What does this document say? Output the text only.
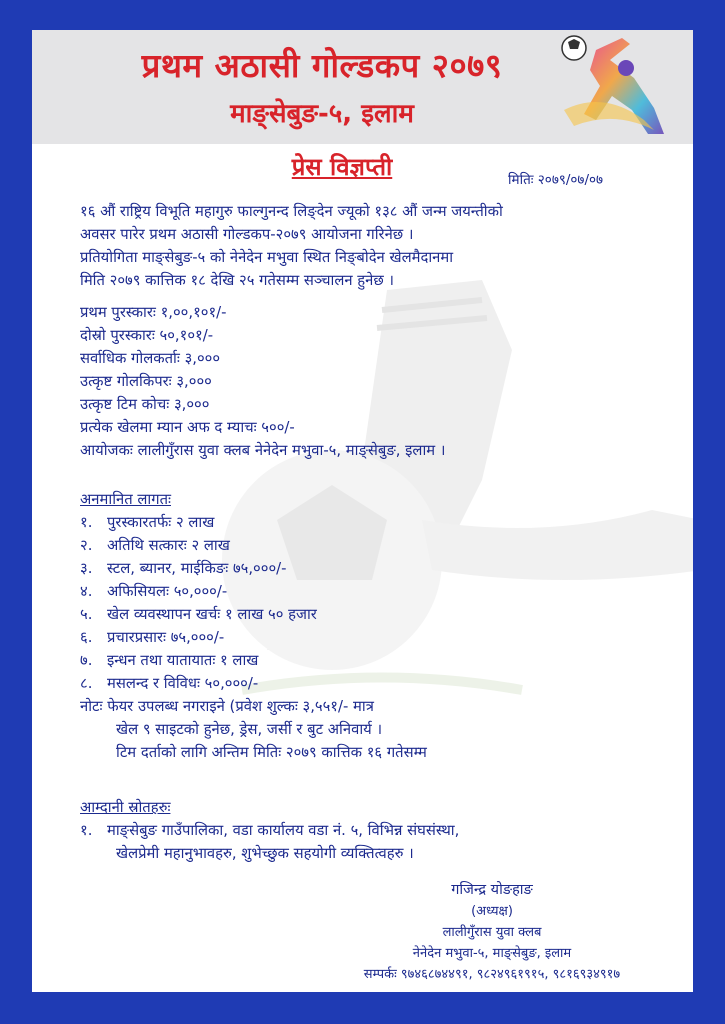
प्रथम अठासी गोल्डकप २०७९
माङ्सेबुङ-५, इलाम
प्रेस विज्ञप्ती	मितिः २०७९/०७/०७
१६ औं राष्ट्रिय विभूति महागुरु फाल्गुनन्द लिङ्देन ज्यूको १३८ औं जन्म जयन्तीको
अवसर पारेर प्रथम अठासी गोल्डकप-२०७९ आयोजना गरिनेछ ।
प्रतियोगिता माङ्सेबुङ-५ को नेनेदेन मभुवा स्थित निङ्बोदेन खेलमैदानमा
मिति २०७९ कात्तिक १८ देखि २५ गतेसम्म सञ्चालन हुनेछ ।
प्रथम पुरस्कारः १,००,१०१/-
दोस्रो पुरस्कारः ५०,१०१/-
सर्वाधिक गोलकर्ताः ३,०००
उत्कृष्ट गोलकिपरः ३,०००
उत्कृष्ट टिम कोचः ३,०००
प्रत्येक खेलमा म्यान अफ द म्याचः ५००/-
आयोजकः लालीगुँरास युवा क्लब नेनेदेन मभुवा-५, माङ्सेबुङ, इलाम ।
अनमानित लागतः
१. पुरस्कारतर्फः २ लाख
२. अतिथि सत्कारः २ लाख
३. स्टल, ब्यानर, माईकिङः ७५,०००/-
४. अफिसियलः ५०,०००/-
५. खेल व्यवस्थापन खर्चः १ लाख ५० हजार
६. प्रचारप्रसारः ७५,०००/-
७. इन्धन तथा यातायातः १ लाख
८. मसलन्द र विविधः ५०,०००/-
नोटः फेयर उपलब्ध नगराइने (प्रवेश शुल्कः ३,५५१/- मात्र
खेल ९ साइटको हुनेछ, ड्रेस, जर्सी र बुट अनिवार्य ।
टिम दर्ताको लागि अन्तिम मितिः २०७९ कात्तिक १६ गतेसम्म
आम्दानी स्रोतहरुः
१. माङ्सेबुङ गाउँपालिका, वडा कार्यालय वडा नं. ५, विभिन्न संघसंस्था,
खेलप्रेमी महानुभावहरु, शुभेच्छुक सहयोगी व्यक्तित्वहरु ।
गजिन्द्र योङहाङ
(अध्यक्ष)
लालीगुँरास युवा क्लब
नेनेदेन मभुवा-५, माङ्सेबुङ, इलाम
सम्पर्कः ९७४६८७४४९१, ९८२४९६१९१५, ९८१६९३४९१७
